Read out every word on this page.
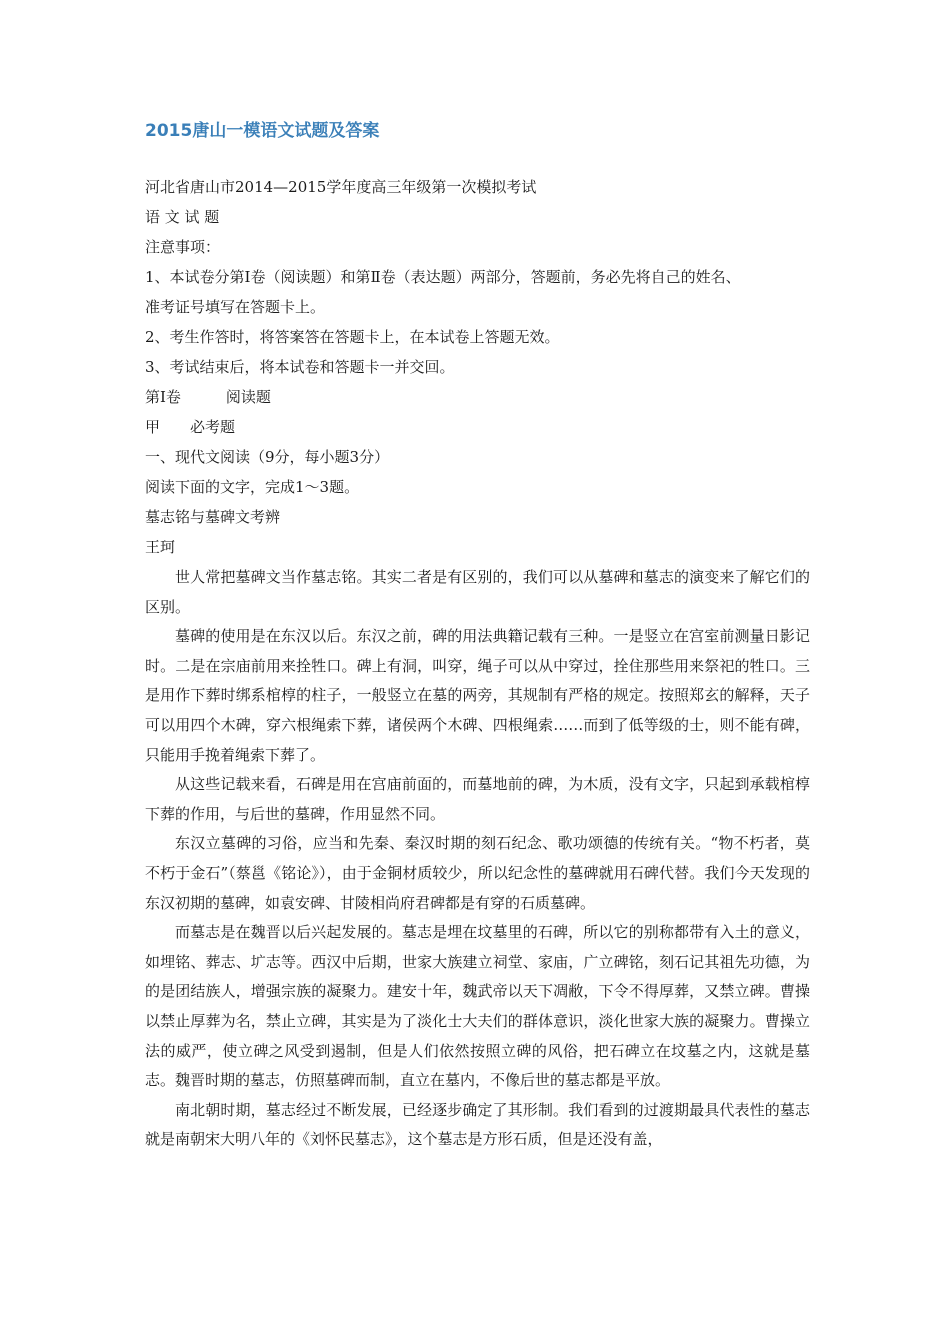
2015唐山一模语文试题及答案
河北省唐山市2014—2015学年度高三年级第一次模拟考试
语 文 试 题
注意事项：
1、本试卷分第Ⅰ卷（阅读题）和第Ⅱ卷（表达题）两部分，答题前，务必先将自己的姓名、
准考证号填写在答题卡上。
2、考生作答时，将答案答在答题卡上，在本试卷上答题无效。
3、考试结束后，将本试卷和答题卡一并交回。
第Ⅰ卷　　　阅读题
甲　　必考题
一、现代文阅读（9分，每小题3分）
阅读下面的文字，完成1～3题。
墓志铭与墓碑文考辨
王珂

世人常把墓碑文当作墓志铭。其实二者是有区别的，我们可以从墓碑和墓志的演变来了解它们的区别。

墓碑的使用是在东汉以后。东汉之前，碑的用法典籍记载有三种。一是竖立在宫室前测量日影记时。二是在宗庙前用来拴牲口。碑上有洞，叫穿，绳子可以从中穿过，拴住那些用来祭祀的牲口。三是用作下葬时绑系棺椁的柱子，一般竖立在墓的两旁，其规制有严格的规定。按照郑玄的解释，天子可以用四个木碑，穿六根绳索下葬，诸侯两个木碑、四根绳索……而到了低等级的士，则不能有碑，只能用手挽着绳索下葬了。

从这些记载来看，石碑是用在宫庙前面的，而墓地前的碑，为木质，没有文字，只起到承载棺椁下葬的作用，与后世的墓碑，作用显然不同。

东汉立墓碑的习俗，应当和先秦、秦汉时期的刻石纪念、歌功颂德的传统有关。“物不朽者，莫不朽于金石”（蔡邕《铭论》），由于金铜材质较少，所以纪念性的墓碑就用石碑代替。我们今天发现的东汉初期的墓碑，如袁安碑、甘陵相尚府君碑都是有穿的石质墓碑。

而墓志是在魏晋以后兴起发展的。墓志是埋在坟墓里的石碑，所以它的别称都带有入土的意义，如埋铭、葬志、圹志等。西汉中后期，世家大族建立祠堂、家庙，广立碑铭，刻石记其祖先功德，为的是团结族人，增强宗族的凝聚力。建安十年，魏武帝以天下凋敝，下令不得厚葬，又禁立碑。曹操以禁止厚葬为名，禁止立碑，其实是为了淡化士大夫们的群体意识，淡化世家大族的凝聚力。曹操立法的威严，使立碑之风受到遏制，但是人们依然按照立碑的风俗，把石碑立在坟墓之内，这就是墓志。魏晋时期的墓志，仿照墓碑而制，直立在墓内，不像后世的墓志都是平放。

南北朝时期，墓志经过不断发展，已经逐步确定了其形制。我们看到的过渡期最具代表性的墓志就是南朝宋大明八年的《刘怀民墓志》，这个墓志是方形石质，但是还没有盖，
